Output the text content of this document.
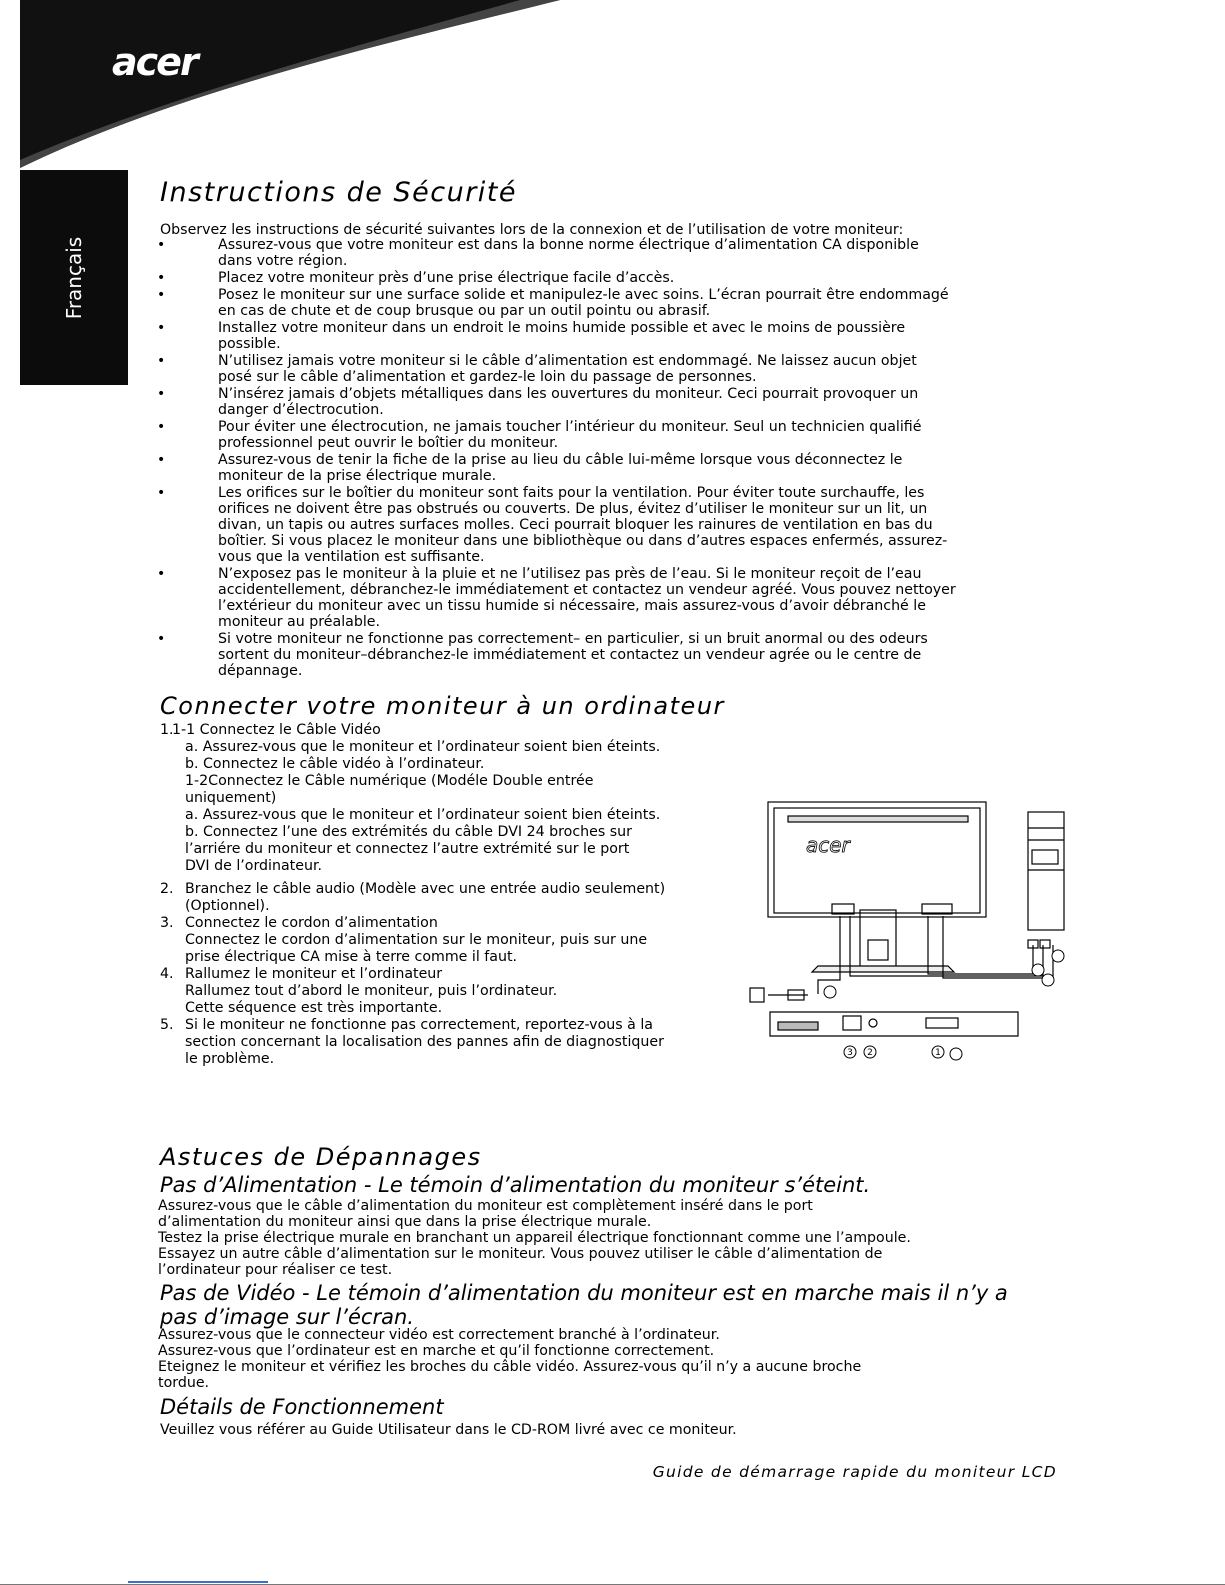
acer
Français
Instructions de Sécurité
Observez les instructions de sécurité suivantes lors de la connexion et de l’utilisation de votre moniteur:
•	Assurez-vous que votre moniteur est dans la bonne norme électrique d’alimentation CA disponible
dans votre région.
•	Placez votre moniteur près d’une prise électrique facile d’accès.
•	Posez le moniteur sur une surface solide et manipulez-le avec soins. L’écran pourrait être endommagé
en cas de chute et de coup brusque ou par un outil pointu ou abrasif.
•	Installez votre moniteur dans un endroit le moins humide possible et avec le moins de poussière
possible.
•	N’utilisez jamais votre moniteur si le câble d’alimentation est endommagé. Ne laissez aucun objet
posé sur le câble d’alimentation et gardez-le loin du passage de personnes.
•	N’insérez jamais d’objets métalliques dans les ouvertures du moniteur. Ceci pourrait provoquer un
danger d’électrocution.
•	Pour éviter une électrocution, ne jamais toucher l’intérieur du moniteur. Seul un technicien qualifié
professionnel peut ouvrir le boîtier du moniteur.
•	Assurez-vous de tenir la fiche de la prise au lieu du câble lui-même lorsque vous déconnectez le
moniteur de la prise électrique murale.
•	Les orifices sur le boîtier du moniteur sont faits pour la ventilation. Pour éviter toute surchauffe, les
orifices ne doivent être pas obstrués ou couverts. De plus, évitez d’utiliser le moniteur sur un lit, un
divan, un tapis ou autres surfaces molles. Ceci pourrait bloquer les rainures de ventilation en bas du
boîtier. Si vous placez le moniteur dans une bibliothèque ou dans d’autres espaces enfermés, assurez-
vous que la ventilation est suffisante.
•	N’exposez pas le moniteur à la pluie et ne l’utilisez pas près de l’eau. Si le moniteur reçoit de l’eau
accidentellement, débranchez-le immédiatement et contactez un vendeur agréé. Vous pouvez nettoyer
l’extérieur du moniteur avec un tissu humide si nécessaire, mais assurez-vous d’avoir débranché le
moniteur au préalable.
•	Si votre moniteur ne fonctionne pas correctement– en particulier, si un bruit anormal ou des odeurs
sortent du moniteur–débranchez-le immédiatement et contactez un vendeur agrée ou le centre de
dépannage.
Connecter votre moniteur à un ordinateur
1.
1-1 Connectez le Câble Vidéo
a. Assurez-vous que le moniteur et l’ordinateur soient bien éteints.
b. Connectez le câble vidéo à l’ordinateur.
1-2Connectez le Câble numérique (Modéle Double entrée
uniquement)
a. Assurez-vous que le moniteur et l’ordinateur soient bien éteints.
b. Connectez l’une des extrémités du câble DVI 24 broches sur
l’arriére du moniteur et connectez l’autre extrémité sur le port
DVI de l’ordinateur.
2. Branchez le câble audio (Modèle avec une entrée audio seulement)
(Optionnel).
3. Connectez le cordon d’alimentation
Connectez le cordon d’alimentation sur le moniteur, puis sur une
prise électrique CA mise à terre comme il faut.
4. Rallumez le moniteur et l’ordinateur
Rallumez tout d’abord le moniteur, puis l’ordinateur.
Cette séquence est très importante.
5. Si le moniteur ne fonctionne pas correctement, reportez-vous à la
section concernant la localisation des pannes afin de diagnostiquer
le problème.
acer
3 2	1
Astuces de Dépannages
Pas d’Alimentation - Le témoin d’alimentation du moniteur s’éteint.
Assurez-vous que le câble d’alimentation du moniteur est complètement inséré dans le port
d’alimentation du moniteur ainsi que dans la prise électrique murale.
Testez la prise électrique murale en branchant un appareil électrique fonctionnant comme une l’ampoule.
Essayez un autre câble d’alimentation sur le moniteur. Vous pouvez utiliser le câble d’alimentation de
l’ordinateur pour réaliser ce test.
Pas de Vidéo - Le témoin d’alimentation du moniteur est en marche mais il n’y a
pas d’image sur l’écran.
Assurez-vous que le connecteur vidéo est correctement branché à l’ordinateur.
Assurez-vous que l’ordinateur est en marche et qu’il fonctionne correctement.
Eteignez le moniteur et vérifiez les broches du câble vidéo. Assurez-vous qu’il n’y a aucune broche
tordue.
Détails de Fonctionnement
Veuillez vous référer au Guide Utilisateur dans le CD-ROM livré avec ce moniteur.
Guide de démarrage rapide du moniteur LCD
